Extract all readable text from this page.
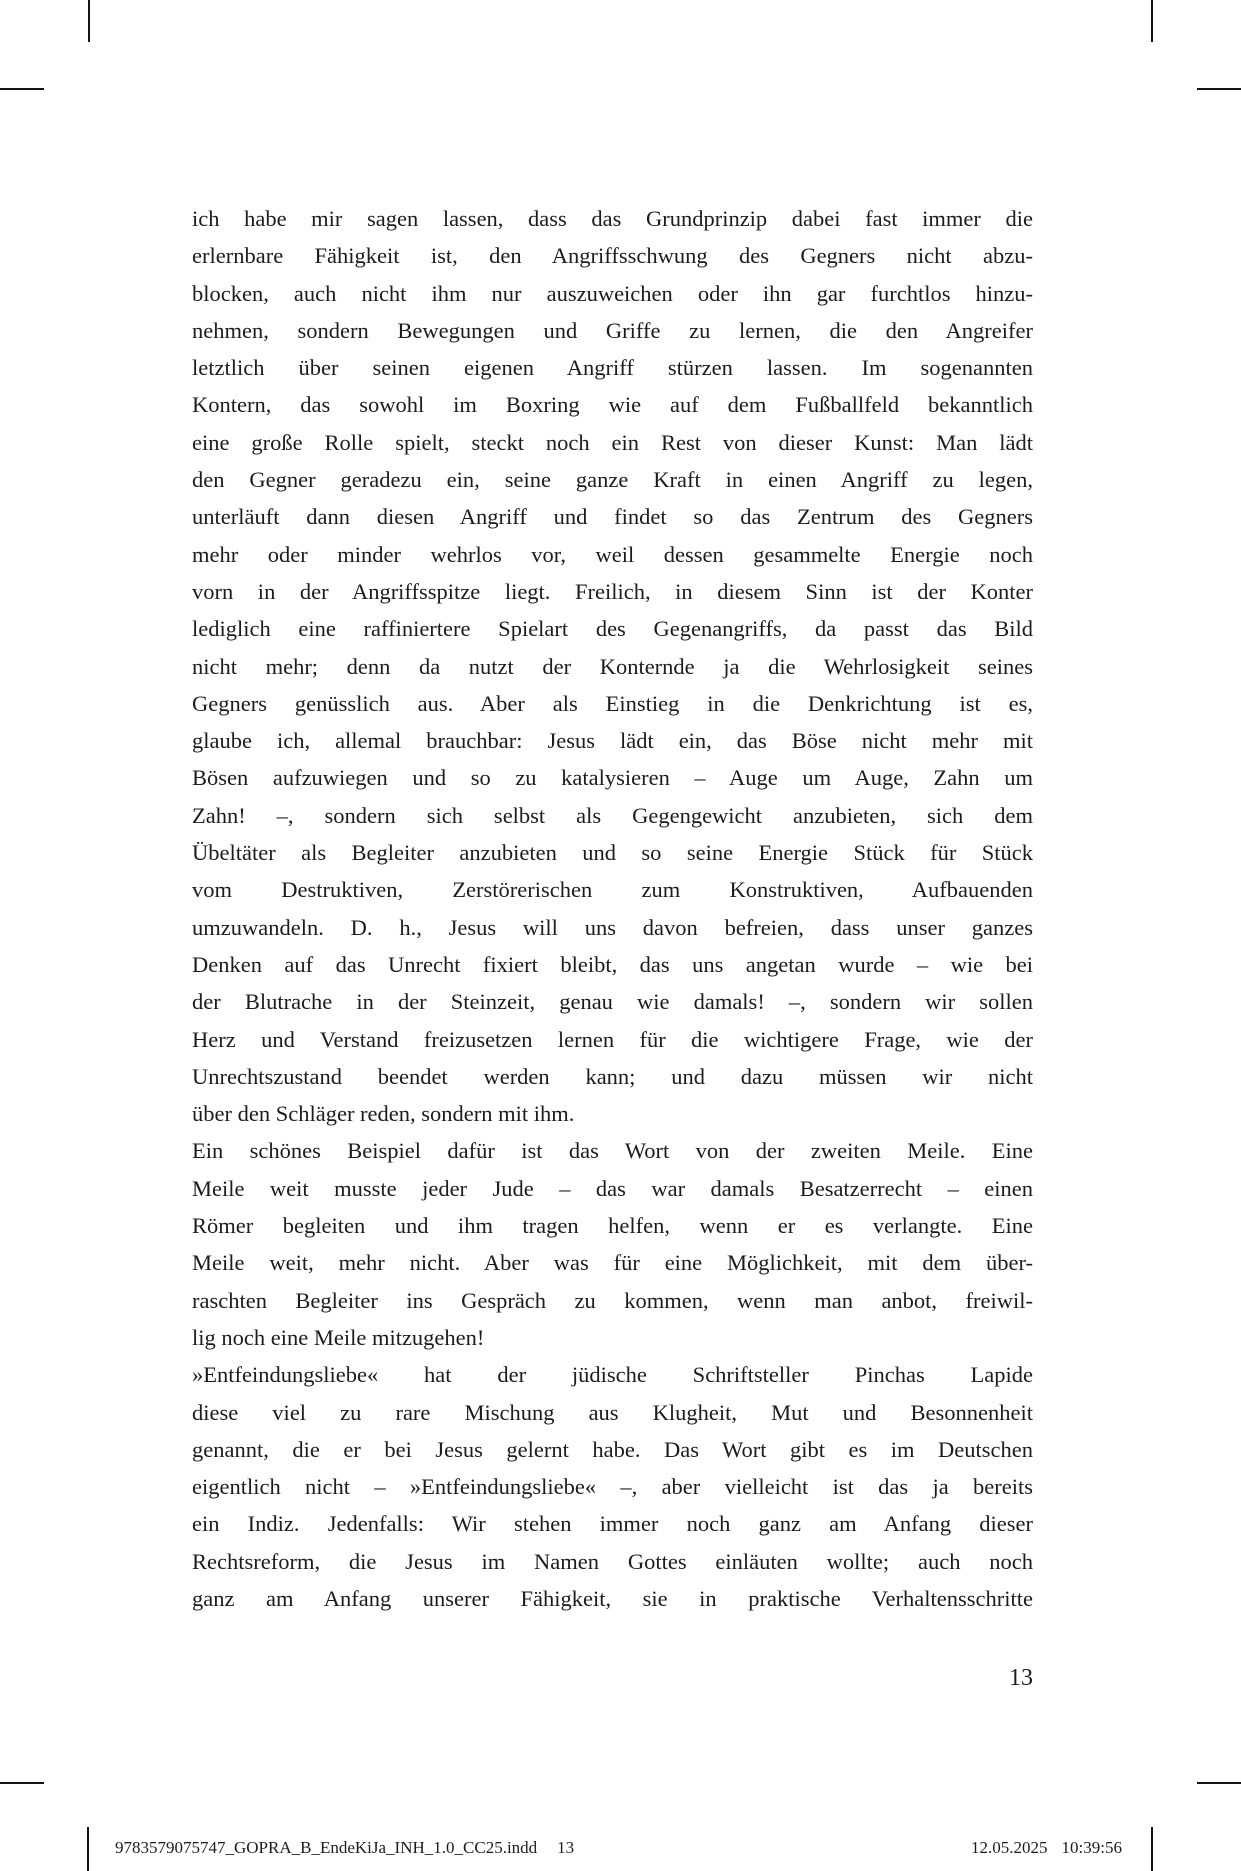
ich habe mir sagen lassen, dass das Grundprinzip dabei fast immer die
erlernbare Fähigkeit ist, den Angriffsschwung des Gegners nicht abzu-
blocken, auch nicht ihm nur auszuweichen oder ihn gar furchtlos hinzu-
nehmen, sondern Bewegungen und Griffe zu lernen, die den Angreifer
letztlich über seinen eigenen Angriff stürzen lassen. Im sogenannten
Kontern, das sowohl im Boxring wie auf dem Fußballfeld bekanntlich
eine große Rolle spielt, steckt noch ein Rest von dieser Kunst: Man lädt
den Gegner geradezu ein, seine ganze Kraft in einen Angriff zu legen,
unterläuft dann diesen Angriff und findet so das Zentrum des Gegners
mehr oder minder wehrlos vor, weil dessen gesammelte Energie noch
vorn in der Angriffsspitze liegt. Freilich, in diesem Sinn ist der Konter
lediglich eine raffiniertere Spielart des Gegenangriffs, da passt das Bild
nicht mehr; denn da nutzt der Konternde ja die Wehrlosigkeit seines
Gegners genüsslich aus. Aber als Einstieg in die Denkrichtung ist es,
glaube ich, allemal brauchbar: Jesus lädt ein, das Böse nicht mehr mit
Bösen aufzuwiegen und so zu katalysieren – Auge um Auge, Zahn um
Zahn! –, sondern sich selbst als Gegengewicht anzubieten, sich dem
Übeltäter als Begleiter anzubieten und so seine Energie Stück für Stück
vom Destruktiven, Zerstörerischen zum Konstruktiven, Aufbauenden
umzuwandeln. D. h., Jesus will uns davon befreien, dass unser ganzes
Denken auf das Unrecht fixiert bleibt, das uns angetan wurde – wie bei
der Blutrache in der Steinzeit, genau wie damals! –, sondern wir sollen
Herz und Verstand freizusetzen lernen für die wichtigere Frage, wie der
Unrechtszustand beendet werden kann; und dazu müssen wir nicht
über den Schläger reden, sondern mit ihm.
Ein schönes Beispiel dafür ist das Wort von der zweiten Meile. Eine
Meile weit musste jeder Jude – das war damals Besatzerrecht – einen
Römer begleiten und ihm tragen helfen, wenn er es verlangte. Eine
Meile weit, mehr nicht. Aber was für eine Möglichkeit, mit dem über-
raschten Begleiter ins Gespräch zu kommen, wenn man anbot, freiwil-
lig noch eine Meile mitzugehen!
»Entfeindungsliebe« hat der jüdische Schriftsteller Pinchas Lapide
diese viel zu rare Mischung aus Klugheit, Mut und Besonnenheit
genannt, die er bei Jesus gelernt habe. Das Wort gibt es im Deutschen
eigentlich nicht – »Entfeindungsliebe« –, aber vielleicht ist das ja bereits
ein Indiz. Jedenfalls: Wir stehen immer noch ganz am Anfang dieser
Rechtsreform, die Jesus im Namen Gottes einläuten wollte; auch noch
ganz am Anfang unserer Fähigkeit, sie in praktische Verhaltensschritte
13
9783579075747_GOPRA_B_EndeKiJa_INH_1.0_CC25.indd 13	12.05.2025 10:39:56
